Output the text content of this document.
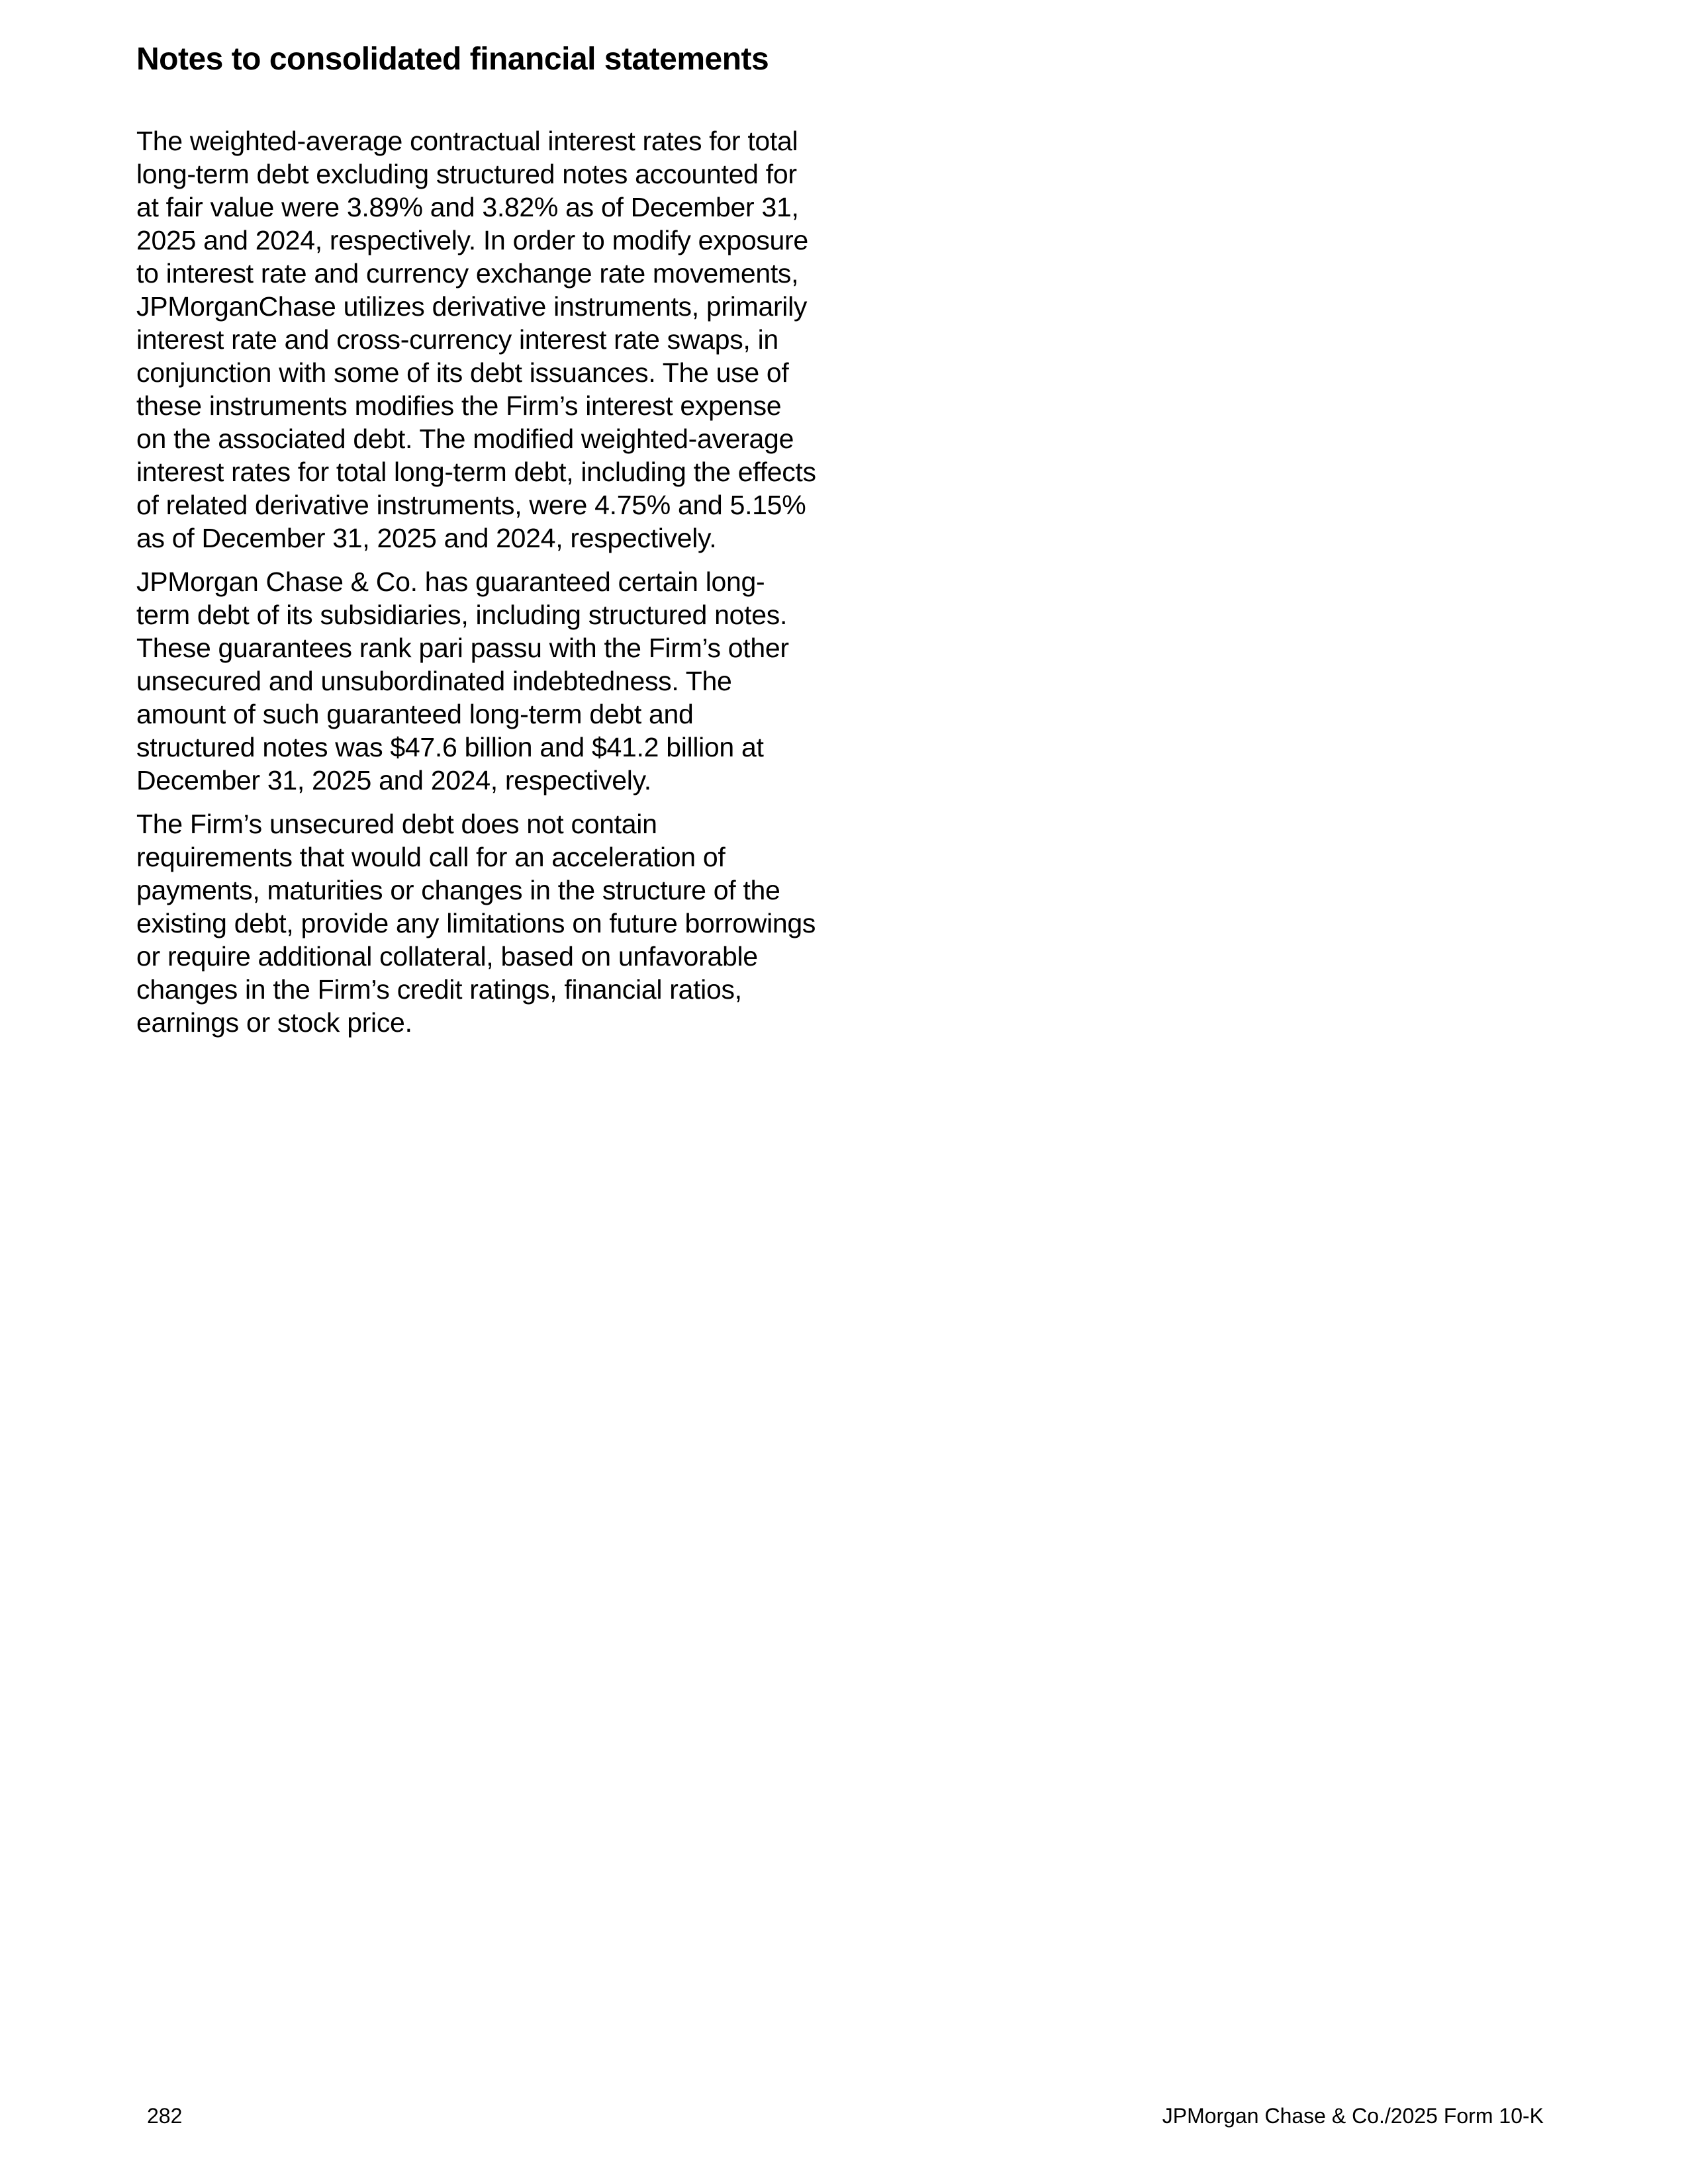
Notes to consolidated financial statements

The weighted-average contractual interest rates for total long-term debt excluding structured notes accounted for at fair value were 3.89% and 3.82% as of December 31, 2025 and 2024, respectively. In order to modify exposure to interest rate and currency exchange rate movements, JPMorganChase utilizes derivative instruments, primarily interest rate and cross-currency interest rate swaps, in conjunction with some of its debt issuances. The use of these instruments modifies the Firm’s interest expense on the associated debt. The modified weighted-average interest rates for total long-term debt, including the effects of related derivative instruments, were 4.75% and 5.15% as of December 31, 2025 and 2024, respectively.

JPMorgan Chase & Co. has guaranteed certain long-term debt of its subsidiaries, including structured notes. These guarantees rank pari passu with the Firm’s other unsecured and unsubordinated indebtedness. The amount of such guaranteed long-term debt and structured notes was $47.6 billion and $41.2 billion at December 31, 2025 and 2024, respectively.

The Firm’s unsecured debt does not contain requirements that would call for an acceleration of payments, maturities or changes in the structure of the existing debt, provide any limitations on future borrowings or require additional collateral, based on unfavorable changes in the Firm’s credit ratings, financial ratios, earnings or stock price.

282	JPMorgan Chase & Co./2025 Form 10-K
